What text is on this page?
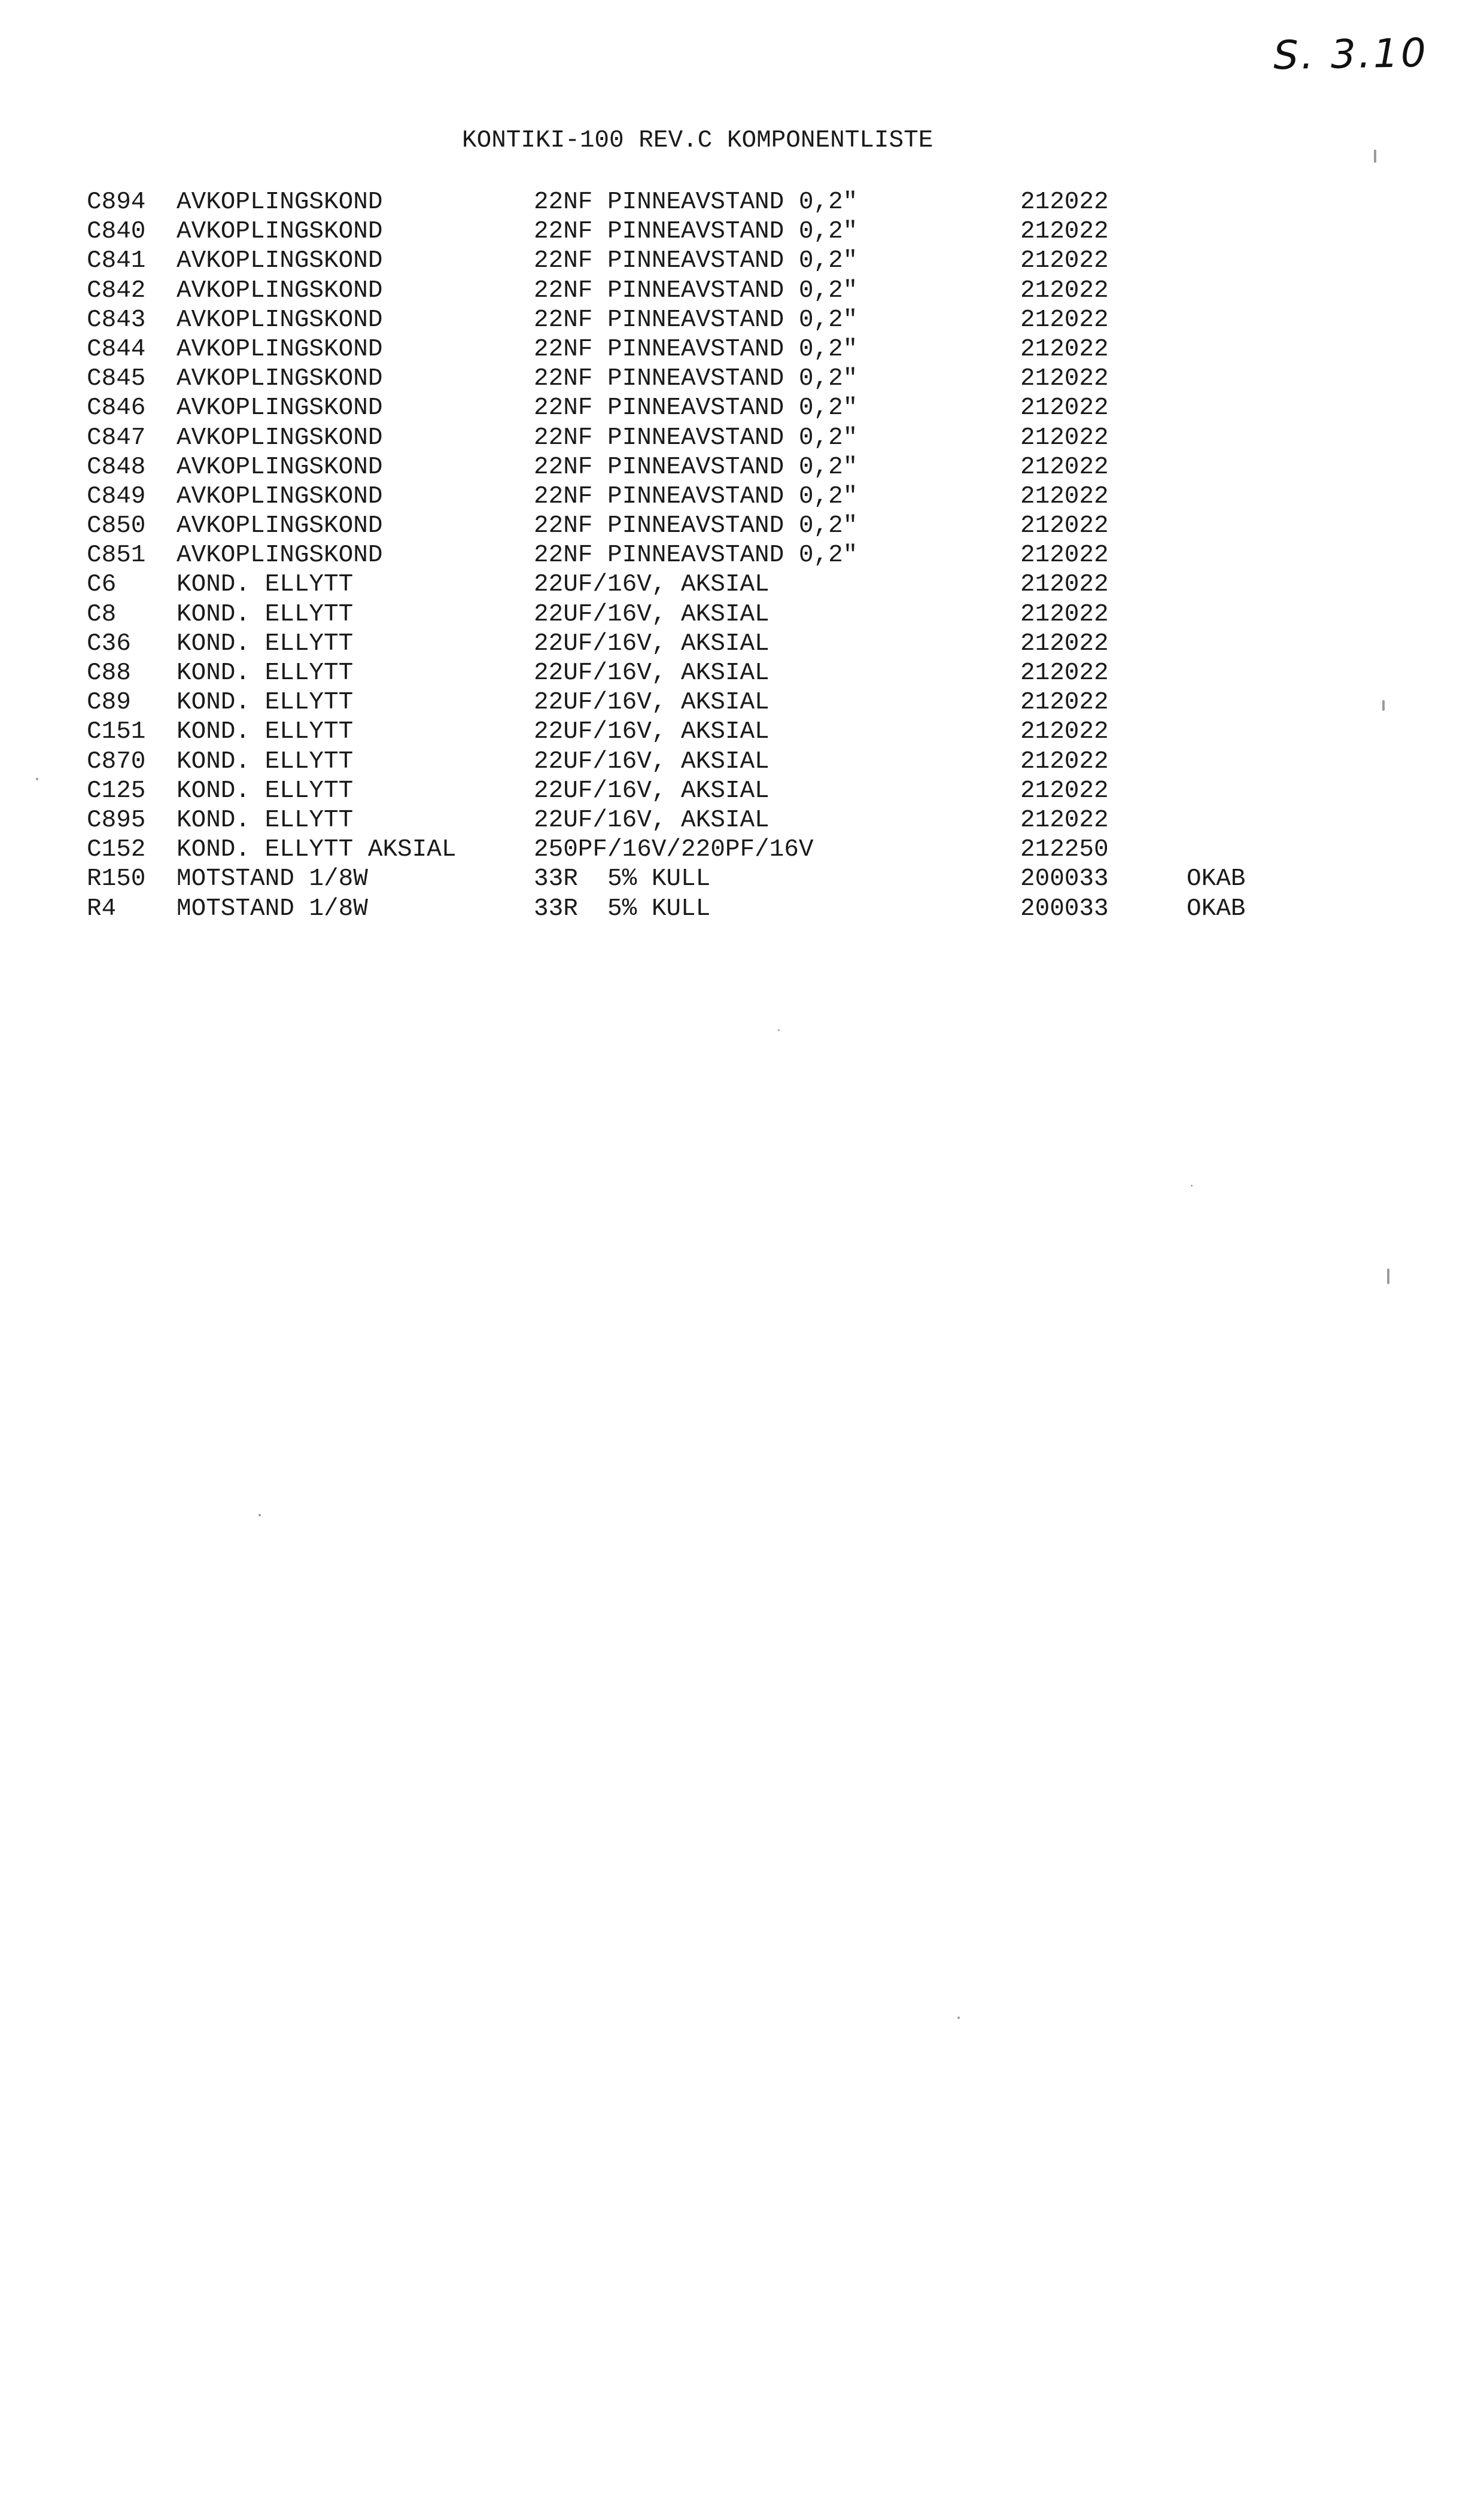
S. 3.10
KONTIKI-100 REV.C KOMPONENTLISTE
C894 AVKOPLINGSKOND	22NF PINNEAVSTAND 0,2"	212022
C840 AVKOPLINGSKOND	22NF PINNEAVSTAND 0,2"	212022
C841 AVKOPLINGSKOND	22NF PINNEAVSTAND 0,2"	212022
C842 AVKOPLINGSKOND	22NF PINNEAVSTAND 0,2"	212022
C843 AVKOPLINGSKOND	22NF PINNEAVSTAND 0,2"	212022
C844 AVKOPLINGSKOND	22NF PINNEAVSTAND 0,2"	212022
C845 AVKOPLINGSKOND	22NF PINNEAVSTAND 0,2"	212022
C846 AVKOPLINGSKOND	22NF PINNEAVSTAND 0,2"	212022
C847 AVKOPLINGSKOND	22NF PINNEAVSTAND 0,2"	212022
C848 AVKOPLINGSKOND	22NF PINNEAVSTAND 0,2"	212022
C849 AVKOPLINGSKOND	22NF PINNEAVSTAND 0,2"	212022
C850 AVKOPLINGSKOND	22NF PINNEAVSTAND 0,2"	212022
C851 AVKOPLINGSKOND	22NF PINNEAVSTAND 0,2"	212022
C6 KOND. ELLYTT	22UF/16V, AKSIAL	212022
C8 KOND. ELLYTT	22UF/16V, AKSIAL	212022
C36 KOND. ELLYTT	22UF/16V, AKSIAL	212022
C88 KOND. ELLYTT	22UF/16V, AKSIAL	212022
C89 KOND. ELLYTT	22UF/16V, AKSIAL	212022
C151 KOND. ELLYTT	22UF/16V, AKSIAL	212022
C870 KOND. ELLYTT	22UF/16V, AKSIAL	212022
C125 KOND. ELLYTT	22UF/16V, AKSIAL	212022
C895 KOND. ELLYTT	22UF/16V, AKSIAL	212022
C152 KOND. ELLYTT AKSIAL	250PF/16V/220PF/16V	212250
R150 MOTSTAND 1/8W	33R  5% KULL	200033	OKAB
R4 MOTSTAND 1/8W	33R  5% KULL	200033	OKAB
